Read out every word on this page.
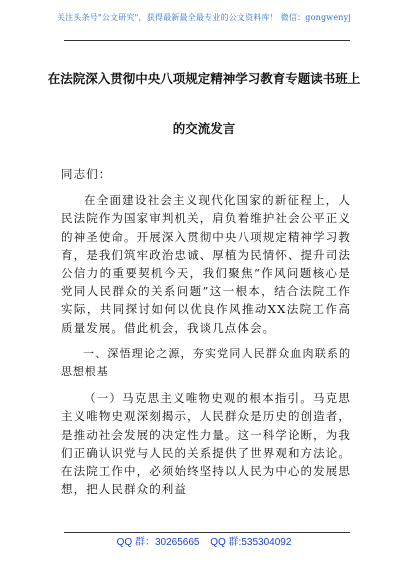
关注头条号"公文研究"，获得最新最全最专业的公文资料库！ 微信：gongwenyj
在法院深入贯彻中央八项规定精神学习教育专题读书班上
的交流发言

同志们：

在全面建设社会主义现代化国家的新征程上，人民法院作为国家审判机关，肩负着维护社会公平正义的神圣使命。开展深入贯彻中央八项规定精神学习教育，是我们筑牢政治忠诚、厚植为民情怀、提升司法公信力的重要契机今天，我们聚焦“作风问题核心是党同人民群众的关系问题”这一根本，结合法院工作实际，共同探讨如何以优良作风推动XX法院工作高质量发展。借此机会，我谈几点体会。

一、深悟理论之源，夯实党同人民群众血肉联系的思想根基

（一）马克思主义唯物史观的根本指引。马克思主义唯物史观深刻揭示，人民群众是历史的创造者，是推动社会发展的决定性力量。这一科学论断，为我们正确认识党与人民的关系提供了世界观和方法论。在法院工作中，必须始终坚持以人民为中心的发展思想，把人民群众的利益

QQ 群：30265665 QQ 群:535304092
